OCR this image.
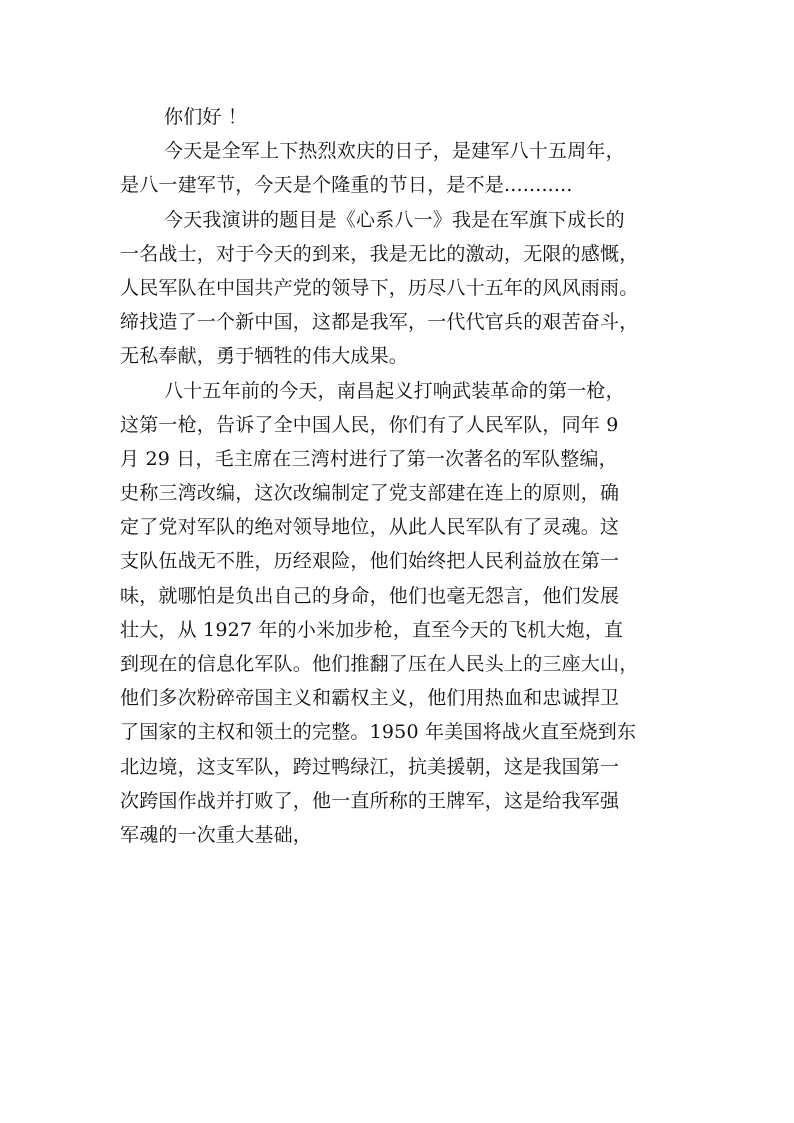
你们好 ！
今天是全军上下热烈欢庆的日子，是建军八十五周年，
是八一建军节，今天是个隆重的节日，是不是...........
今天我演讲的题目是《心系八一》我是在军旗下成长的
一名战士，对于今天的到来，我是无比的激动，无限的感慨，
人民军队在中国共产党的领导下，历尽八十五年的风风雨雨。
缔找造了一个新中国，这都是我军，一代代官兵的艰苦奋斗，
无私奉献，勇于牺牲的伟大成果。
八十五年前的今天，南昌起义打响武装革命的第一枪，
这第一枪，告诉了全中国人民，你们有了人民军队，同年 9
月 29 日，毛主席在三湾村进行了第一次著名的军队整编，
史称三湾改编，这次改编制定了党支部建在连上的原则，确
定了党对军队的绝对领导地位，从此人民军队有了灵魂。这
支队伍战无不胜，历经艰险，他们始终把人民利益放在第一
味，就哪怕是负出自己的身命，他们也毫无怨言，他们发展
壮大，从 1927 年的小米加步枪，直至今天的飞机大炮，直
到现在的信息化军队。他们推翻了压在人民头上的三座大山，
他们多次粉碎帝国主义和霸权主义，他们用热血和忠诚捍卫
了国家的主权和领土的完整。1950 年美国将战火直至烧到东
北边境，这支军队，跨过鸭绿江，抗美援朝，这是我国第一
次跨国作战并打败了，他一直所称的王牌军，这是给我军强
军魂的一次重大基础，
